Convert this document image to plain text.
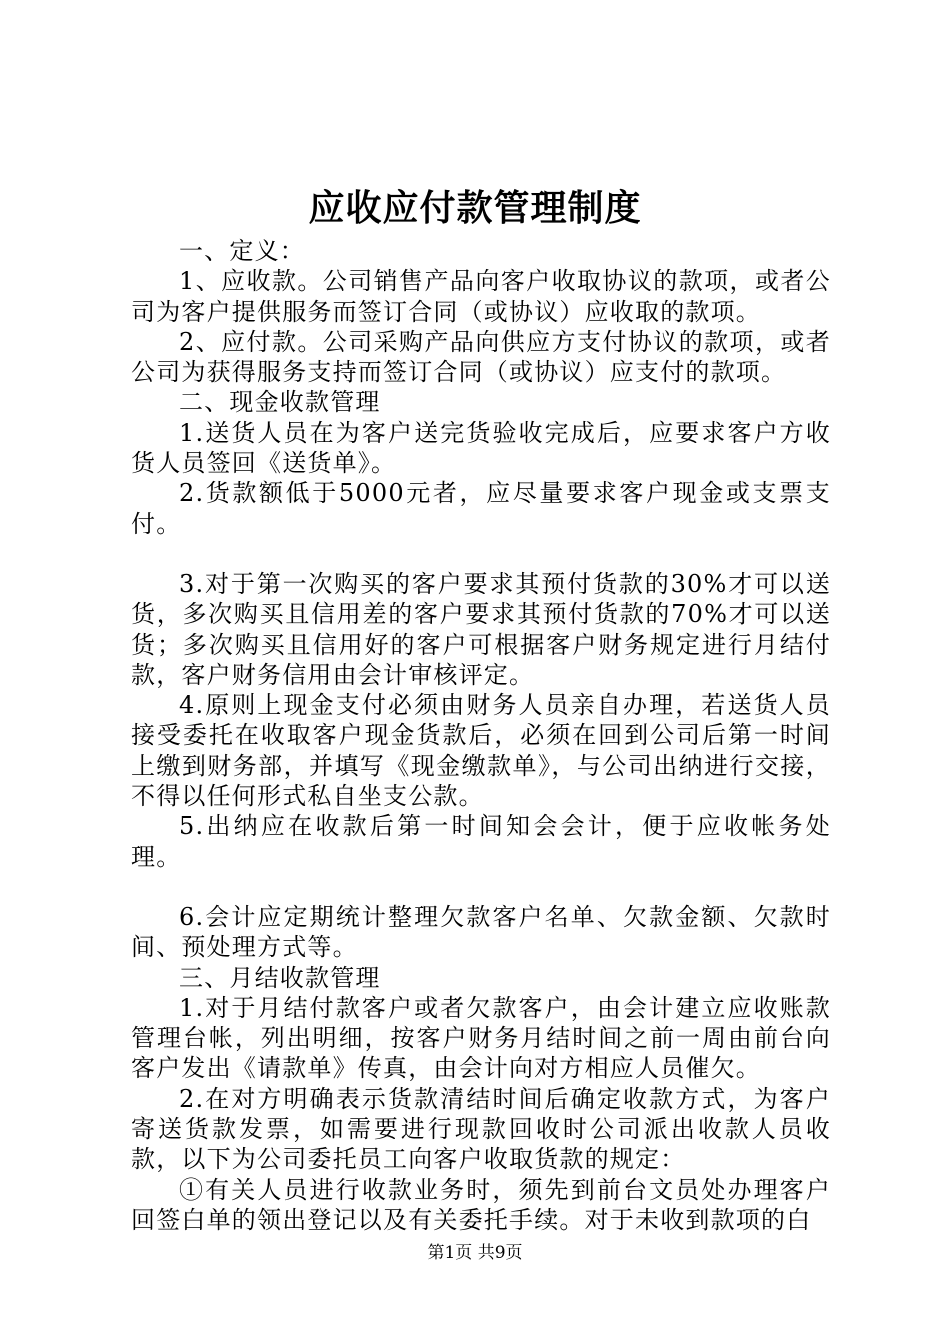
应收应付款管理制度

一、定义：

1、应收款。公司销售产品向客户收取协议的款项，或者公司为客户提供服务而签订合同（或协议）应收取的款项。

2、应付款。公司采购产品向供应方支付协议的款项，或者公司为获得服务支持而签订合同（或协议）应支付的款项。

二、现金收款管理

1.送货人员在为客户送完货验收完成后，应要求客户方收货人员签回《送货单》。

2.货款额低于5000元者，应尽量要求客户现金或支票支付。

3.对于第一次购买的客户要求其预付货款的30%才可以送货，多次购买且信用差的客户要求其预付货款的70%才可以送货；多次购买且信用好的客户可根据客户财务规定进行月结付款，客户财务信用由会计审核评定。

4.原则上现金支付必须由财务人员亲自办理，若送货人员接受委托在收取客户现金货款后，必须在回到公司后第一时间上缴到财务部，并填写《现金缴款单》，与公司出纳进行交接，不得以任何形式私自坐支公款。

5.出纳应在收款后第一时间知会会计，便于应收帐务处理。

6.会计应定期统计整理欠款客户名单、欠款金额、欠款时间、预处理方式等。

三、月结收款管理

1.对于月结付款客户或者欠款客户，由会计建立应收账款管理台帐，列出明细，按客户财务月结时间之前一周由前台向客户发出《请款单》传真，由会计向对方相应人员催欠。

2.在对方明确表示货款清结时间后确定收款方式，为客户寄送货款发票，如需要进行现款回收时公司派出收款人员收款，以下为公司委托员工向客户收取货款的规定：

①有关人员进行收款业务时，须先到前台文员处办理客户回签白单的领出登记以及有关委托手续。对于未收到款项的白

第1页 共9页
